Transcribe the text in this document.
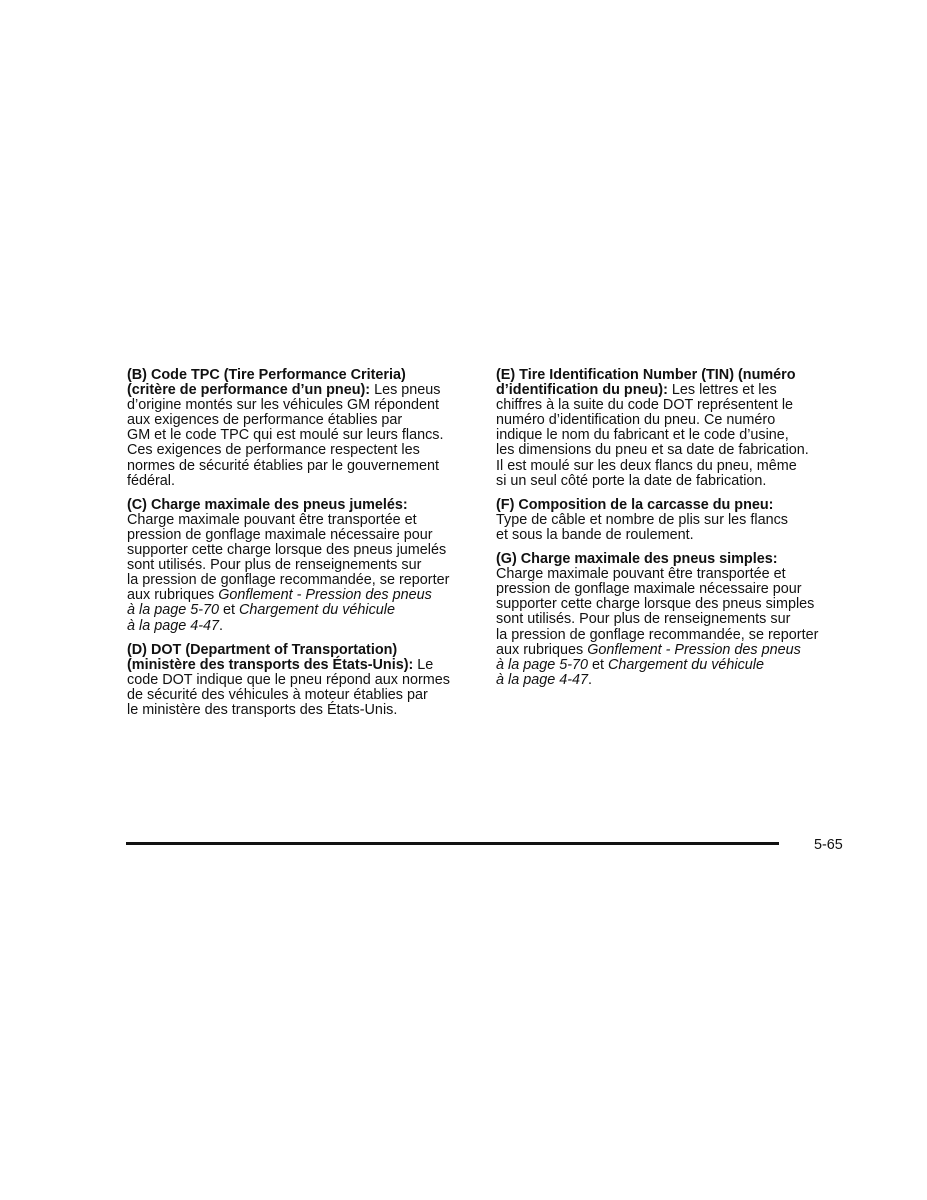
(B) Code TPC (Tire Performance Criteria)
(critère de performance d’un pneu): Les pneus
d’origine montés sur les véhicules GM répondent
aux exigences de performance établies par
GM et le code TPC qui est moulé sur leurs flancs.
Ces exigences de performance respectent les
normes de sécurité établies par le gouvernement
fédéral.
(C) Charge maximale des pneus jumelés:
Charge maximale pouvant être transportée et
pression de gonflage maximale nécessaire pour
supporter cette charge lorsque des pneus jumelés
sont utilisés. Pour plus de renseignements sur
la pression de gonflage recommandée, se reporter
aux rubriques Gonflement - Pression des pneus
à la page 5-70 et Chargement du véhicule
à la page 4-47.
(D) DOT (Department of Transportation)
(ministère des transports des États-Unis): Le
code DOT indique que le pneu répond aux normes
de sécurité des véhicules à moteur établies par
le ministère des transports des États-Unis.
(E) Tire Identification Number (TIN) (numéro
d’identification du pneu): Les lettres et les
chiffres à la suite du code DOT représentent le
numéro d’identification du pneu. Ce numéro
indique le nom du fabricant et le code d’usine,
les dimensions du pneu et sa date de fabrication.
Il est moulé sur les deux flancs du pneu, même
si un seul côté porte la date de fabrication.
(F) Composition de la carcasse du pneu:
Type de câble et nombre de plis sur les flancs
et sous la bande de roulement.
(G) Charge maximale des pneus simples:
Charge maximale pouvant être transportée et
pression de gonflage maximale nécessaire pour
supporter cette charge lorsque des pneus simples
sont utilisés. Pour plus de renseignements sur
la pression de gonflage recommandée, se reporter
aux rubriques Gonflement - Pression des pneus
à la page 5-70 et Chargement du véhicule
à la page 4-47.
5-65
